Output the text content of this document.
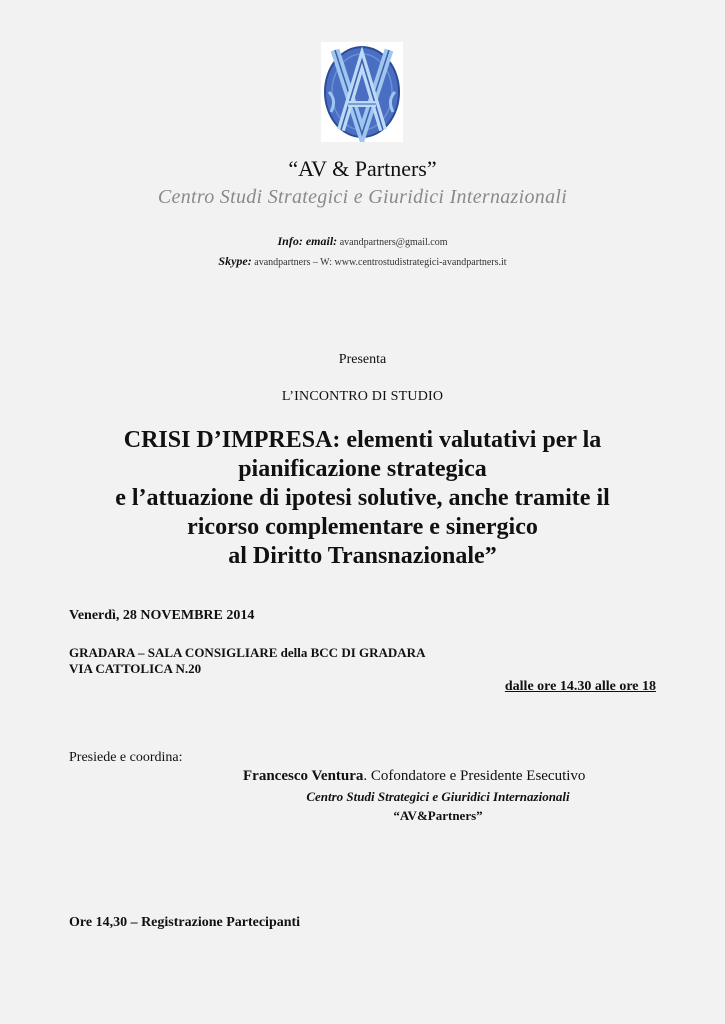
“AV & Partners”
Centro Studi Strategici e Giuridici Internazionali
Info: email: avandpartners@gmail.com
Skype: avandpartners – W: www.centrostudistrategici-avandpartners.it
Presenta
L’INCONTRO DI STUDIO
CRISI D’IMPRESA: elementi valutativi per la
pianificazione strategica
e l’attuazione di ipotesi solutive, anche tramite il
ricorso complementare e sinergico
al Diritto Transnazionale”
Venerdì, 28 NOVEMBRE 2014
GRADARA – SALA CONSIGLIARE della BCC DI GRADARA
VIA CATTOLICA N.20
dalle ore 14.30 alle ore 18
Presiede e coordina:
Francesco Ventura. Cofondatore e Presidente Esecutivo
Centro Studi Strategici e Giuridici Internazionali
“AV&Partners”
Ore 14,30 – Registrazione Partecipanti
